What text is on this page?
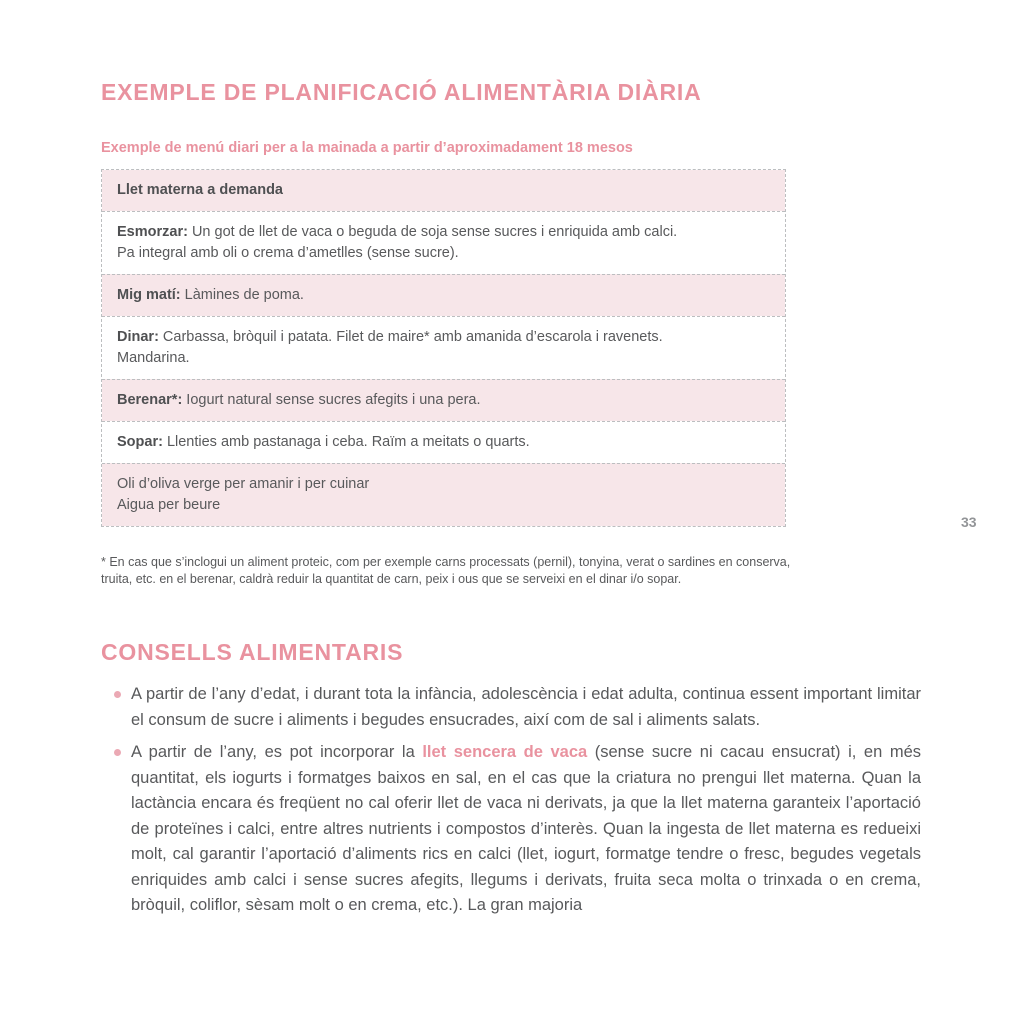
EXEMPLE DE PLANIFICACIÓ ALIMENTÀRIA DIÀRIA
Exemple de menú diari per a la mainada a partir d’aproximadament 18 mesos
Llet materna a demanda
Esmorzar: Un got de llet de vaca o beguda de soja sense sucres i enriquida amb calci.
Pa integral amb oli o crema d’ametlles (sense sucre).
Mig matí: Làmines de poma.
Dinar: Carbassa, bròquil i patata. Filet de maire* amb amanida d’escarola i ravenets.
Mandarina.
Berenar*: Iogurt natural sense sucres afegits i una pera.
Sopar: Llenties amb pastanaga i ceba. Raïm a meitats o quarts.
Oli d’oliva verge per amanir i per cuinar
Aigua per beure

* En cas que s’inclogui un aliment proteic, com per exemple carns processats (pernil), tonyina, verat o sardines en conserva, truita, etc. en el berenar, caldrà reduir la quantitat de carn, peix i ous que se serveixi en el dinar i/o sopar.

CONSELLS ALIMENTARIS

A partir de l’any d’edat, i durant tota la infància, adolescència i edat adulta, continua essent important limitar el consum de sucre i aliments i begudes ensucrades, així com de sal i aliments salats.

A partir de l’any, es pot incorporar la llet sencera de vaca (sense sucre ni cacau ensucrat) i, en més quantitat, els iogurts i formatges baixos en sal, en el cas que la criatura no prengui llet materna. Quan la lactància encara és freqüent no cal oferir llet de vaca ni derivats, ja que la llet materna garanteix l’aportació de proteïnes i calci, entre altres nutrients i compostos d’interès. Quan la ingesta de llet materna es redueixi molt, cal garantir l’aportació d’aliments rics en calci (llet, iogurt, formatge tendre o fresc, begudes vegetals enriquides amb calci i sense sucres afegits, llegums i derivats, fruita seca molta o trinxada o en crema, bròquil, coliflor, sèsam molt o en crema, etc.). La gran majoria

33
